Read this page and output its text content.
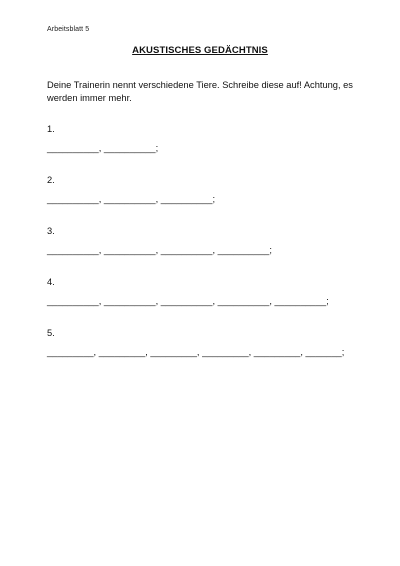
Arbeitsblatt 5
AKUSTISCHES GEDÄCHTNIS
Deine Trainerin nennt verschiedene Tiere. Schreibe diese auf! Achtung, es werden immer mehr.
1.
__________, __________;
2.
__________, __________, __________;
3.
__________, __________, __________, __________;
4.
__________, __________, __________, __________, __________;
5.
_________, _________, _________, _________, _________, _______;
